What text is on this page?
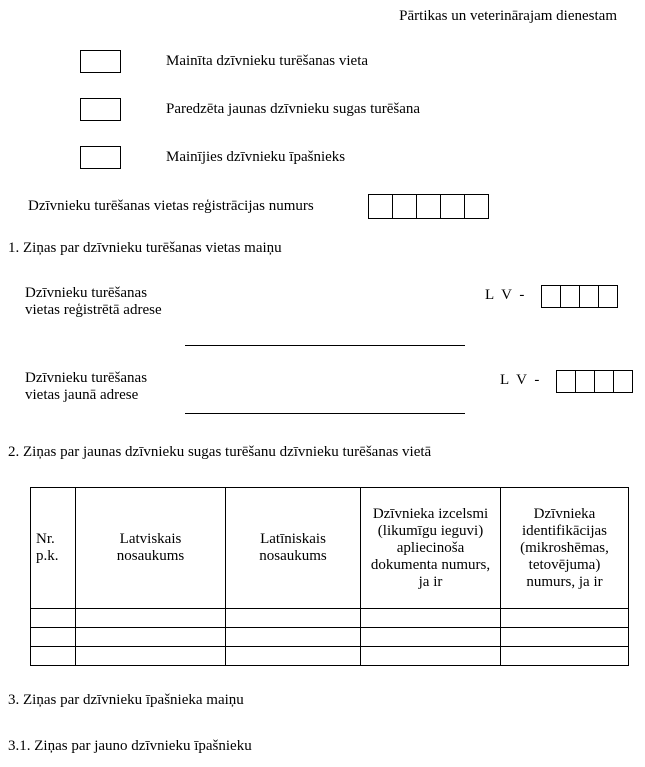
Pārtikas un veterinārajam dienestam
Mainīta dzīvnieku turēšanas vieta
Paredzēta jaunas dzīvnieku sugas turēšana
Mainījies dzīvnieku īpašnieks
Dzīvnieku turēšanas vietas reģistrācijas numurs
1. Ziņas par dzīvnieku turēšanas vietas maiņu
Dzīvnieku turēšanas vietas reģistrētā adrese
L V -
Dzīvnieku turēšanas vietas jaunā adrese
L V -
2. Ziņas par jaunas dzīvnieku sugas turēšanu dzīvnieku turēšanas vietā
Nr. p.k.	Latviskais nosaukums	Latīniskais nosaukums	Dzīvnieka izcelsmi (likumīgu ieguvi) apliecinoša dokumenta numurs, ja ir	Dzīvnieka identifikācijas (mikroshēmas, tetovējuma) numurs, ja ir

3. Ziņas par dzīvnieku īpašnieka maiņu
3.1. Ziņas par jauno dzīvnieku īpašnieku
